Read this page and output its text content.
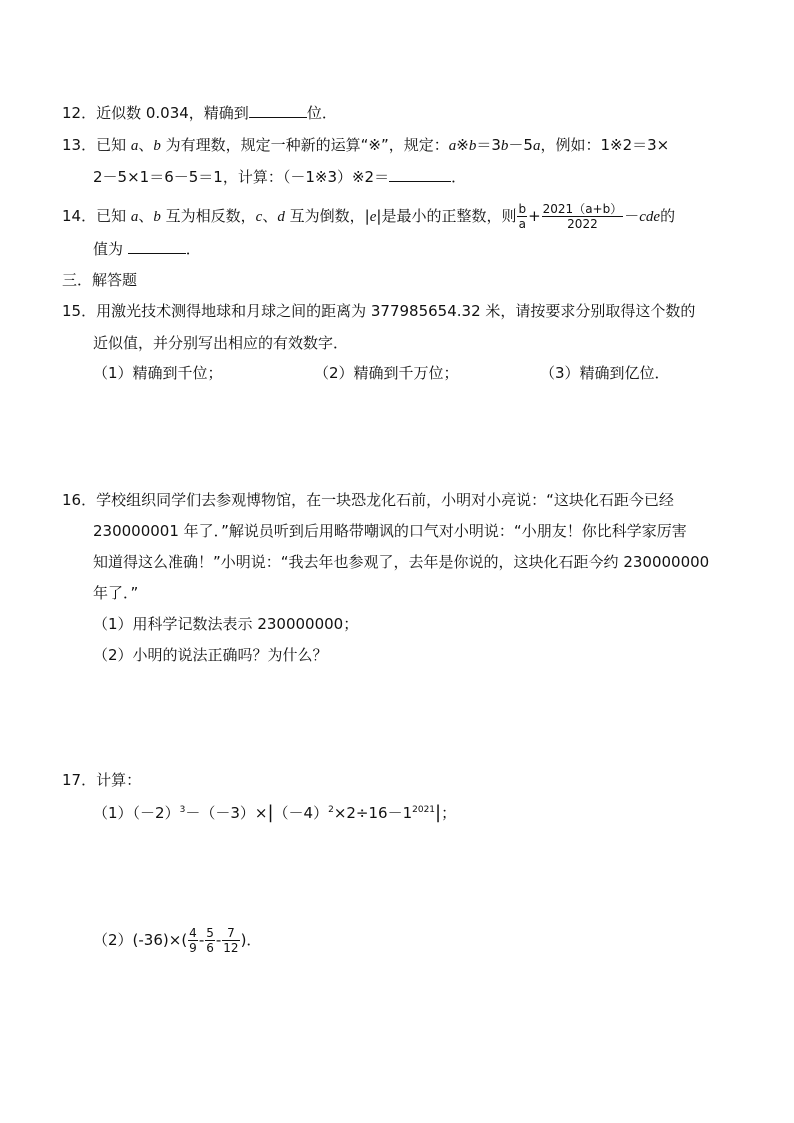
12．近似数 0.034，精确到	位．
13．已知 a、b 为有理数，规定一种新的运算“※”，规定：a※b＝3b－5a，例如：1※2＝3×
2－5×1＝6－5＝1，计算：（－1※3）※2＝	．
14．已知 a、b 互为相反数，c、d 互为倒数，|e|是最小的正整数，则 $\frac{b}{a} + \frac{2021(a+b)}{2022} -cde$的
值为	．
三．解答题
15．用激光技术测得地球和月球之间的距离为 377985654.32 米，请按要求分别取得这个数的
近似值，并分别写出相应的有效数字．
（1）精确到千位；	（2）精确到千万位；	（3）精确到亿位．
16．学校组织同学们去参观博物馆，在一块恐龙化石前，小明对小亮说：“这块化石距今已经
230000001 年了．”解说员听到后用略带嘲讽的口气对小明说：“小朋友！你比科学家厉害
知道得这么准确！”小明说：“我去年也参观了，去年是你说的，这块化石距今约 230000000
年了．”
（1）用科学记数法表示 230000000；
（2）小明的说法正确吗？为什么？
17．计算：
$(1)(-2)^3-(-3)\times|(-4)^2\times 2\div 16-1^{2021}|$；
$(2)(-36)\times( \frac{4}{9} - \frac{5}{6} - \frac{7}{12}$ )．
